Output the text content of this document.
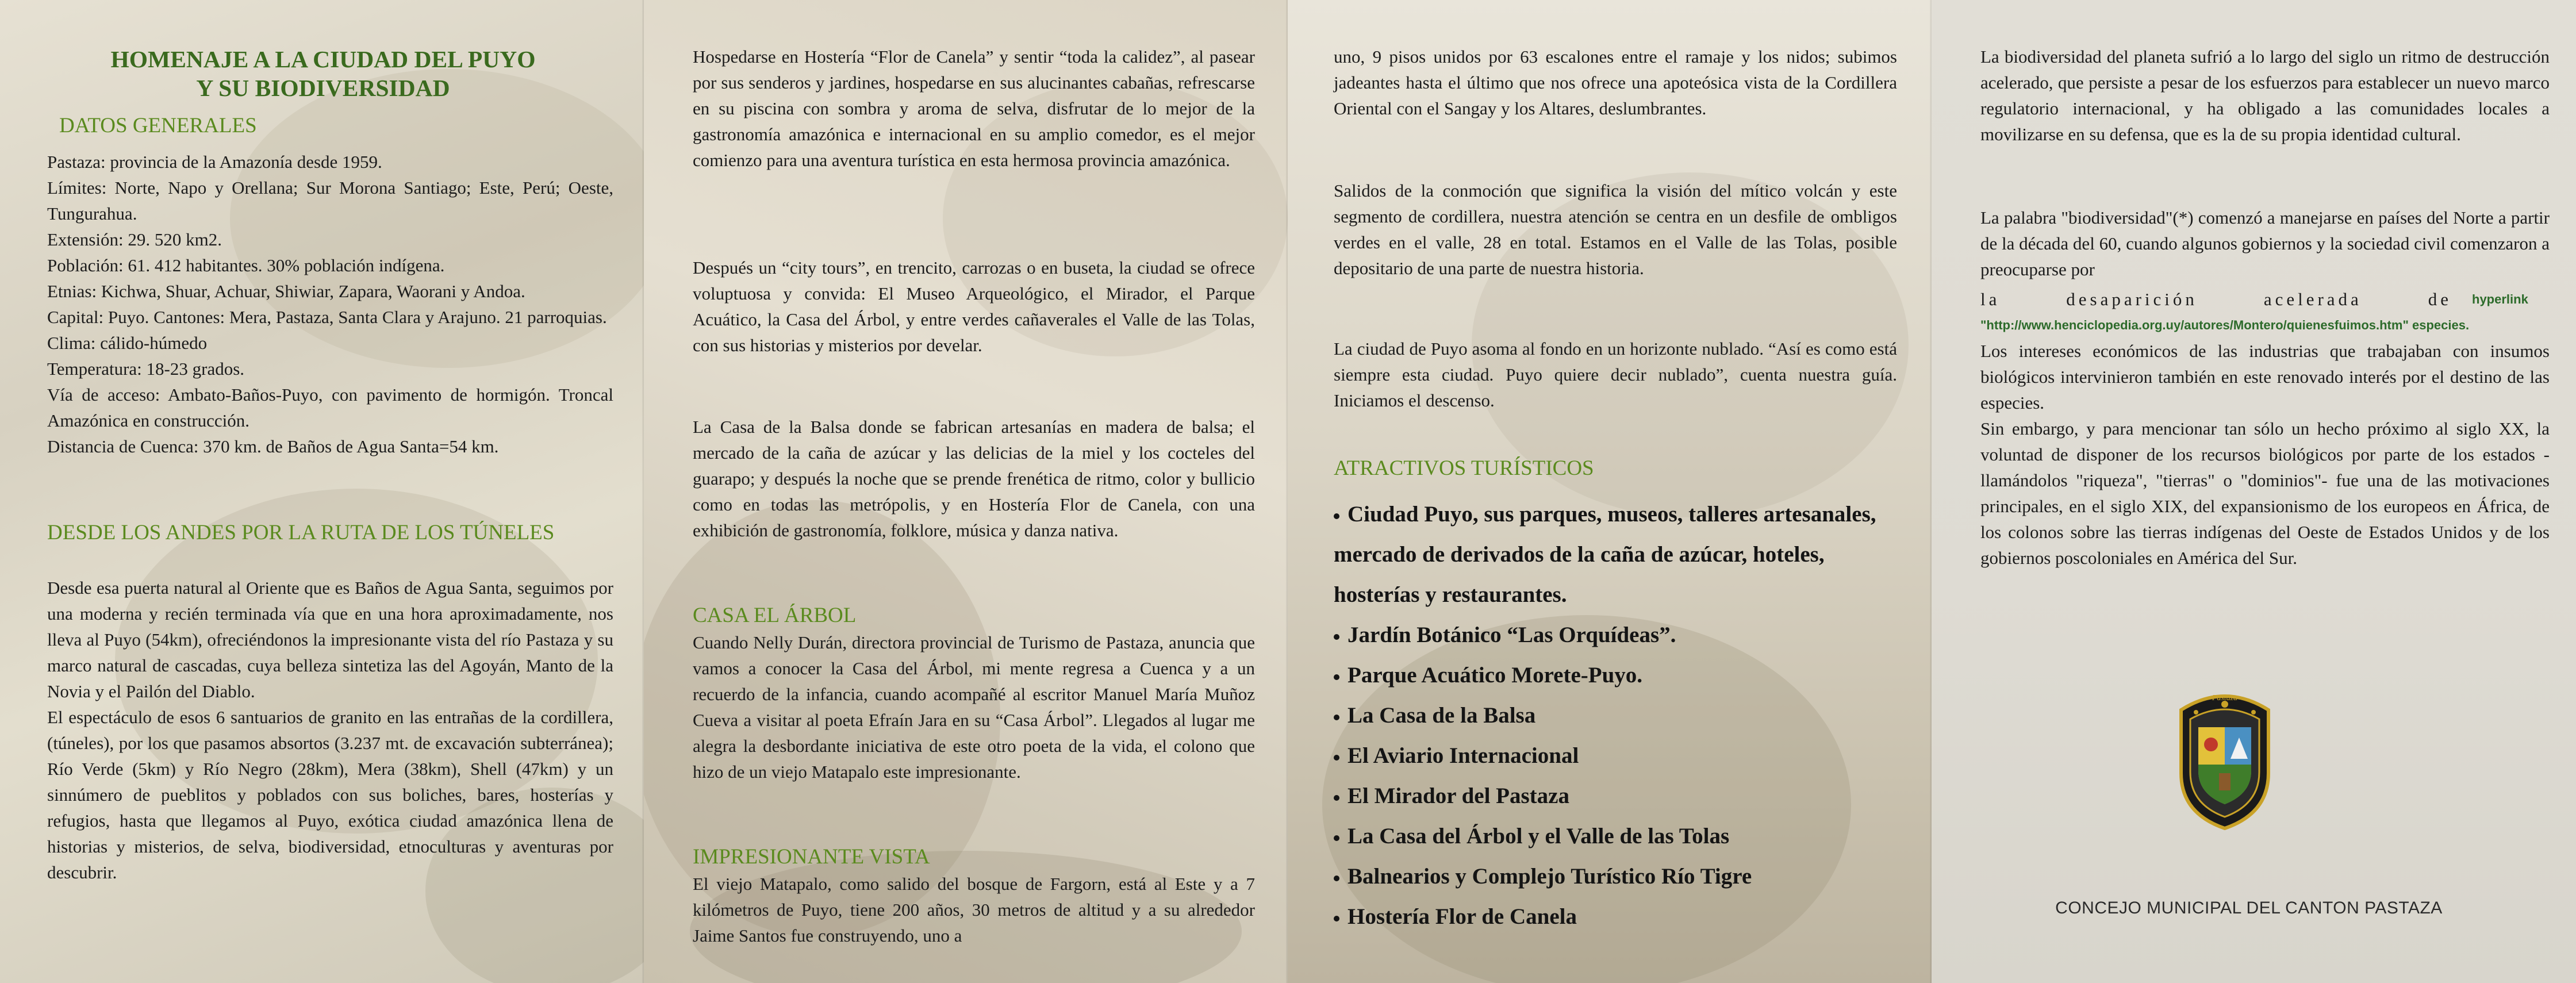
HOMENAJE A LA CIUDAD DEL PUYO
Y SU BIODIVERSIDAD
DATOS GENERALES
Pastaza: provincia de la Amazonía desde 1959.
Límites: Norte, Napo y Orellana; Sur Morona Santiago; Este, Perú; Oeste, Tungurahua.
Extensión: 29. 520 km2.
Población: 61. 412 habitantes. 30% población indígena.
Etnias: Kichwa, Shuar, Achuar, Shiwiar, Zapara, Waorani y Andoa.
Capital: Puyo. Cantones: Mera, Pastaza, Santa Clara y Arajuno. 21 parroquias.
Clima: cálido-húmedo
Temperatura: 18-23 grados.
Vía de acceso: Ambato-Baños-Puyo, con pavimento de hormigón. Troncal Amazónica en construcción.
Distancia de Cuenca: 370 km. de Baños de Agua Santa=54 km.
DESDE LOS ANDES POR LA RUTA DE LOS TÚNELES
Desde esa puerta natural al Oriente que es Baños de Agua Santa, seguimos por una moderna y recién terminada vía que en una hora aproximadamente, nos lleva al Puyo (54km), ofreciéndonos la impresionante vista del río Pastaza y su marco natural de cascadas, cuya belleza sintetiza las del Agoyán, Manto de la Novia y el Pailón del Diablo.
El espectáculo de esos 6 santuarios de granito en las entrañas de la cordillera, (túneles), por los que pasamos absortos (3.237 mt. de excavación subterránea); Río Verde (5km) y Río Negro (28km), Mera (38km), Shell (47km) y un sinnúmero de pueblitos y poblados con sus boliches, bares, hosterías y refugios, hasta que llegamos al Puyo, exótica ciudad amazónica llena de historias y misterios, de selva, biodiversidad, etnoculturas y aventuras por descubrir.
Hospedarse en Hostería “Flor de Canela” y sentir “toda la calidez”, al pasear por sus senderos y jardines, hospedarse en sus alucinantes cabañas, refrescarse en su piscina con sombra y aroma de selva, disfrutar de lo mejor de la gastronomía amazónica e internacional en su amplio comedor, es el mejor comienzo para una aventura turística en esta hermosa provincia amazónica.
Después un “city tours”, en trencito, carrozas o en buseta, la ciudad se ofrece voluptuosa y convida: El Museo Arqueológico, el Mirador, el Parque Acuático, la Casa del Árbol, y entre verdes cañaverales el Valle de las Tolas, con sus historias y misterios por develar.
La Casa de la Balsa donde se fabrican artesanías en madera de balsa; el mercado de la caña de azúcar y las delicias de la miel y los cocteles del guarapo; y después la noche que se prende frenética de ritmo, color y bullicio como en todas las metrópolis, y en Hostería Flor de Canela, con una exhibición de gastronomía, folklore, música y danza nativa.
CASA EL ÁRBOL
Cuando Nelly Durán, directora provincial de Turismo de Pastaza, anuncia que vamos a conocer la Casa del Árbol, mi mente regresa a Cuenca y a un recuerdo de la infancia, cuando acompañé al escritor Manuel María Muñoz Cueva a visitar al poeta Efraín Jara en su “Casa Árbol”. Llegados al lugar me alegra la desbordante iniciativa de este otro poeta de la vida, el colono que hizo de un viejo Matapalo este impresionante.
IMPRESIONANTE VISTA
El viejo Matapalo, como salido del bosque de Fargorn, está al Este y a 7 kilómetros de Puyo, tiene 200 años, 30 metros de altitud y a su alrededor Jaime Santos fue construyendo, uno a
uno, 9 pisos unidos por 63 escalones entre el ramaje y los nidos; subimos jadeantes hasta el último que nos ofrece una apoteósica vista de la Cordillera Oriental con el Sangay y los Altares, deslumbrantes.
Salidos de la conmoción que significa la visión del mítico volcán y este segmento de cordillera, nuestra atención se centra en un desfile de ombligos verdes en el valle, 28 en total. Estamos en el Valle de las Tolas, posible depositario de una parte de nuestra historia.
La ciudad de Puyo asoma al fondo en un horizonte nublado. “Así es como está siempre esta ciudad. Puyo quiere decir nublado”, cuenta nuestra guía. Iniciamos el descenso.
ATRACTIVOS TURÍSTICOS
Ciudad Puyo, sus parques, museos, talleres artesanales, mercado de derivados de la caña de azúcar, hoteles, hosterías y restaurantes.
Jardín Botánico “Las Orquídeas”.
Parque Acuático Morete-Puyo.
La Casa de la Balsa
El Aviario Internacional
El Mirador del Pastaza
La Casa del Árbol y el Valle de las Tolas
Balnearios y Complejo Turístico Río Tigre
Hostería Flor de Canela
La biodiversidad del planeta sufrió a lo largo del siglo un ritmo de destrucción acelerado, que persiste a pesar de los esfuerzos para establecer un nuevo marco regulatorio internacional, y ha obligado a las comunidades locales a movilizarse en su defensa, que es la de su propia identidad cultural.
La palabra "biodiversidad"(*) comenzó a manejarse en países del Norte a partir de la década del 60, cuando algunos gobiernos y la sociedad civil comenzaron a preocuparse por
la	desaparición	acelerada	de hyperlink
"http://www.henciclopedia.org.uy/autores/Montero/quienesfuimos.htm" especies.
Los intereses económicos de las industrias que trabajaban con insumos biológicos intervinieron también en este renovado interés por el destino de las especies.
Sin embargo, y para mencionar tan sólo un hecho próximo al siglo XX, la voluntad de disponer de los recursos biológicos por parte de los estados -llamándolos "riqueza", "tierras" o "dominios"- fue una de las motivaciones principales, en el siglo XIX, del expansionismo de los europeos en África, de los colonos sobre las tierras indígenas del Oeste de Estados Unidos y de los gobiernos poscoloniales en América del Sur.
Pastaza
CONCEJO MUNICIPAL DEL CANTON PASTAZA
